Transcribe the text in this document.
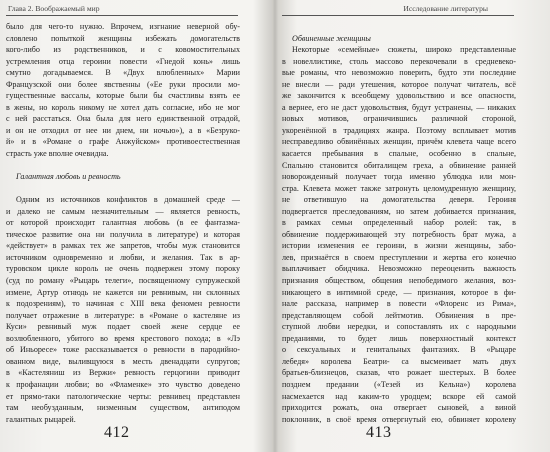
Глава 2. Воображаемый мир
было для чего-то нужно. Впрочем, изгнание неверной обу-
словлено попыткой женщины избежать домогательств
кого-либо из родственников, и с ковомостительных
устремления отца героини повести «Гнедой конь» лишь
смутно догадываемся. В «Двух влюбленных» Марии
Французской они более явственны («Ее руки просили мо-
гущественные вассалы, которые были бы счастливы взять ее
в жены, но король никому не хотел дать согласие, ибо не мог
с ней расстаться. Она была для него единственной отрадой,
и он не отходил от нее ни днем, ни ночью»), а в «Безруко-
й» и в «Романе о графе Анжуйском» противоестественная
страсть уже вполне очевидна.
Галантная любовь и ревность
Одним из источников конфликтов в домашней среде —
и далеко не самым незначительным — является ревность,
от которой происходит галантная любовь (в ее фантазма-
тическое развитие она ни получила в литературе) и которая
«действует» в рамках тех же запретов, чтобы муж становится
источником одновременно и любви, и желания. Так в ар-
туровском цикле король не очень подвержен этому пороку
(суд по роману «Рыцарь телеги», посвященному супружеской
измене, Артур отнюдь не кажется ни ревнивым, ни склонных
к подозрениям), то начиная с XIII века феномен ревности
получает отражение в литературе: в «Романе о кастеляне из
Куси» ревнивый муж подает своей жене сердце ее
возлюбленного, убитого во время крестового похода; в «Лэ
об Иньоресе» тоже рассказывается о ревности в пародийно-
ованном виде, выливщуюся в месть двенадцати супругов;
в «Кастеляниш из Вержи» ревность герцогини приводит
к профанации любви; во «Фламенке» это чувство доведено
ет прямо-таки патологические черты: ревнивец представлен
там необузданным, низменным существом, антиподом
галантных рыцарей.
412
Исследование литературы
Обвиненные женщины
Некоторые «семейные» сюжеты, широко представленные
в новеллистике, столь массово перекочевали в средневеко-
вые романы, что невозможно поверить, будто эти последние
не внесли — ради утешения, которое получат читатель, всё
же закончится к всеобщему удовольствию и все опасности,
а вернее, его не даст удовольствия, будут устранены, — никаких
новых мотивов, ограничившись различной стороной,
укоренённой в традициях жанра. Поэтому всплывает мотив
несправедливо обвинённых женщин, причём клевета чаще всего
касается пребывания в спальне, особенно в спальне,
Спальню становится обиталищем греха, а обвинение ранней
новорожденный получает тогда именно ублюдка или мон-
стра. Клевета может также затронуть целомудренную женщину,
не ответившую на домогательства деверя. Героиня
подвергается преследованиям, но затем добивается признания,
в рамках семьи определенный набор ролей: так, в
обвинение поддерживающей эту потребность брат мужа, а
истории изменения ее героини, в жизни женщины, забо-
лев, признаётся в своем преступлении и жертва его конечно
выплачивает обидчика. Невозможно переоценить важность
признания обществом, общения непобедимого желания, воз-
никающего в интимной среде, — признания, которое в фи-
нале рассказа, например в повести «Флоренс из Рима»,
представляющем собой лейтмотив. Обвинения в пре-
ступной любви нередки, и сопоставлять их с народными
преданиями, то будет лишь поверхностный контекст
о сексуальных и генитальных фантазиях. В «Рыцаре
лебедя» королева Беатри- са высмеивает мать двух
братьев-близнецов, сказав, что рожает шестерых. В более
позднем предании («Тезей из Кельна») королева
насмехается над каким-то уродцем; вскоре ей самой
приходится рожать, она отвергает сыновей, а виной
поклонник, в своё время отвергнутый ею, обвиняет королеву
413
